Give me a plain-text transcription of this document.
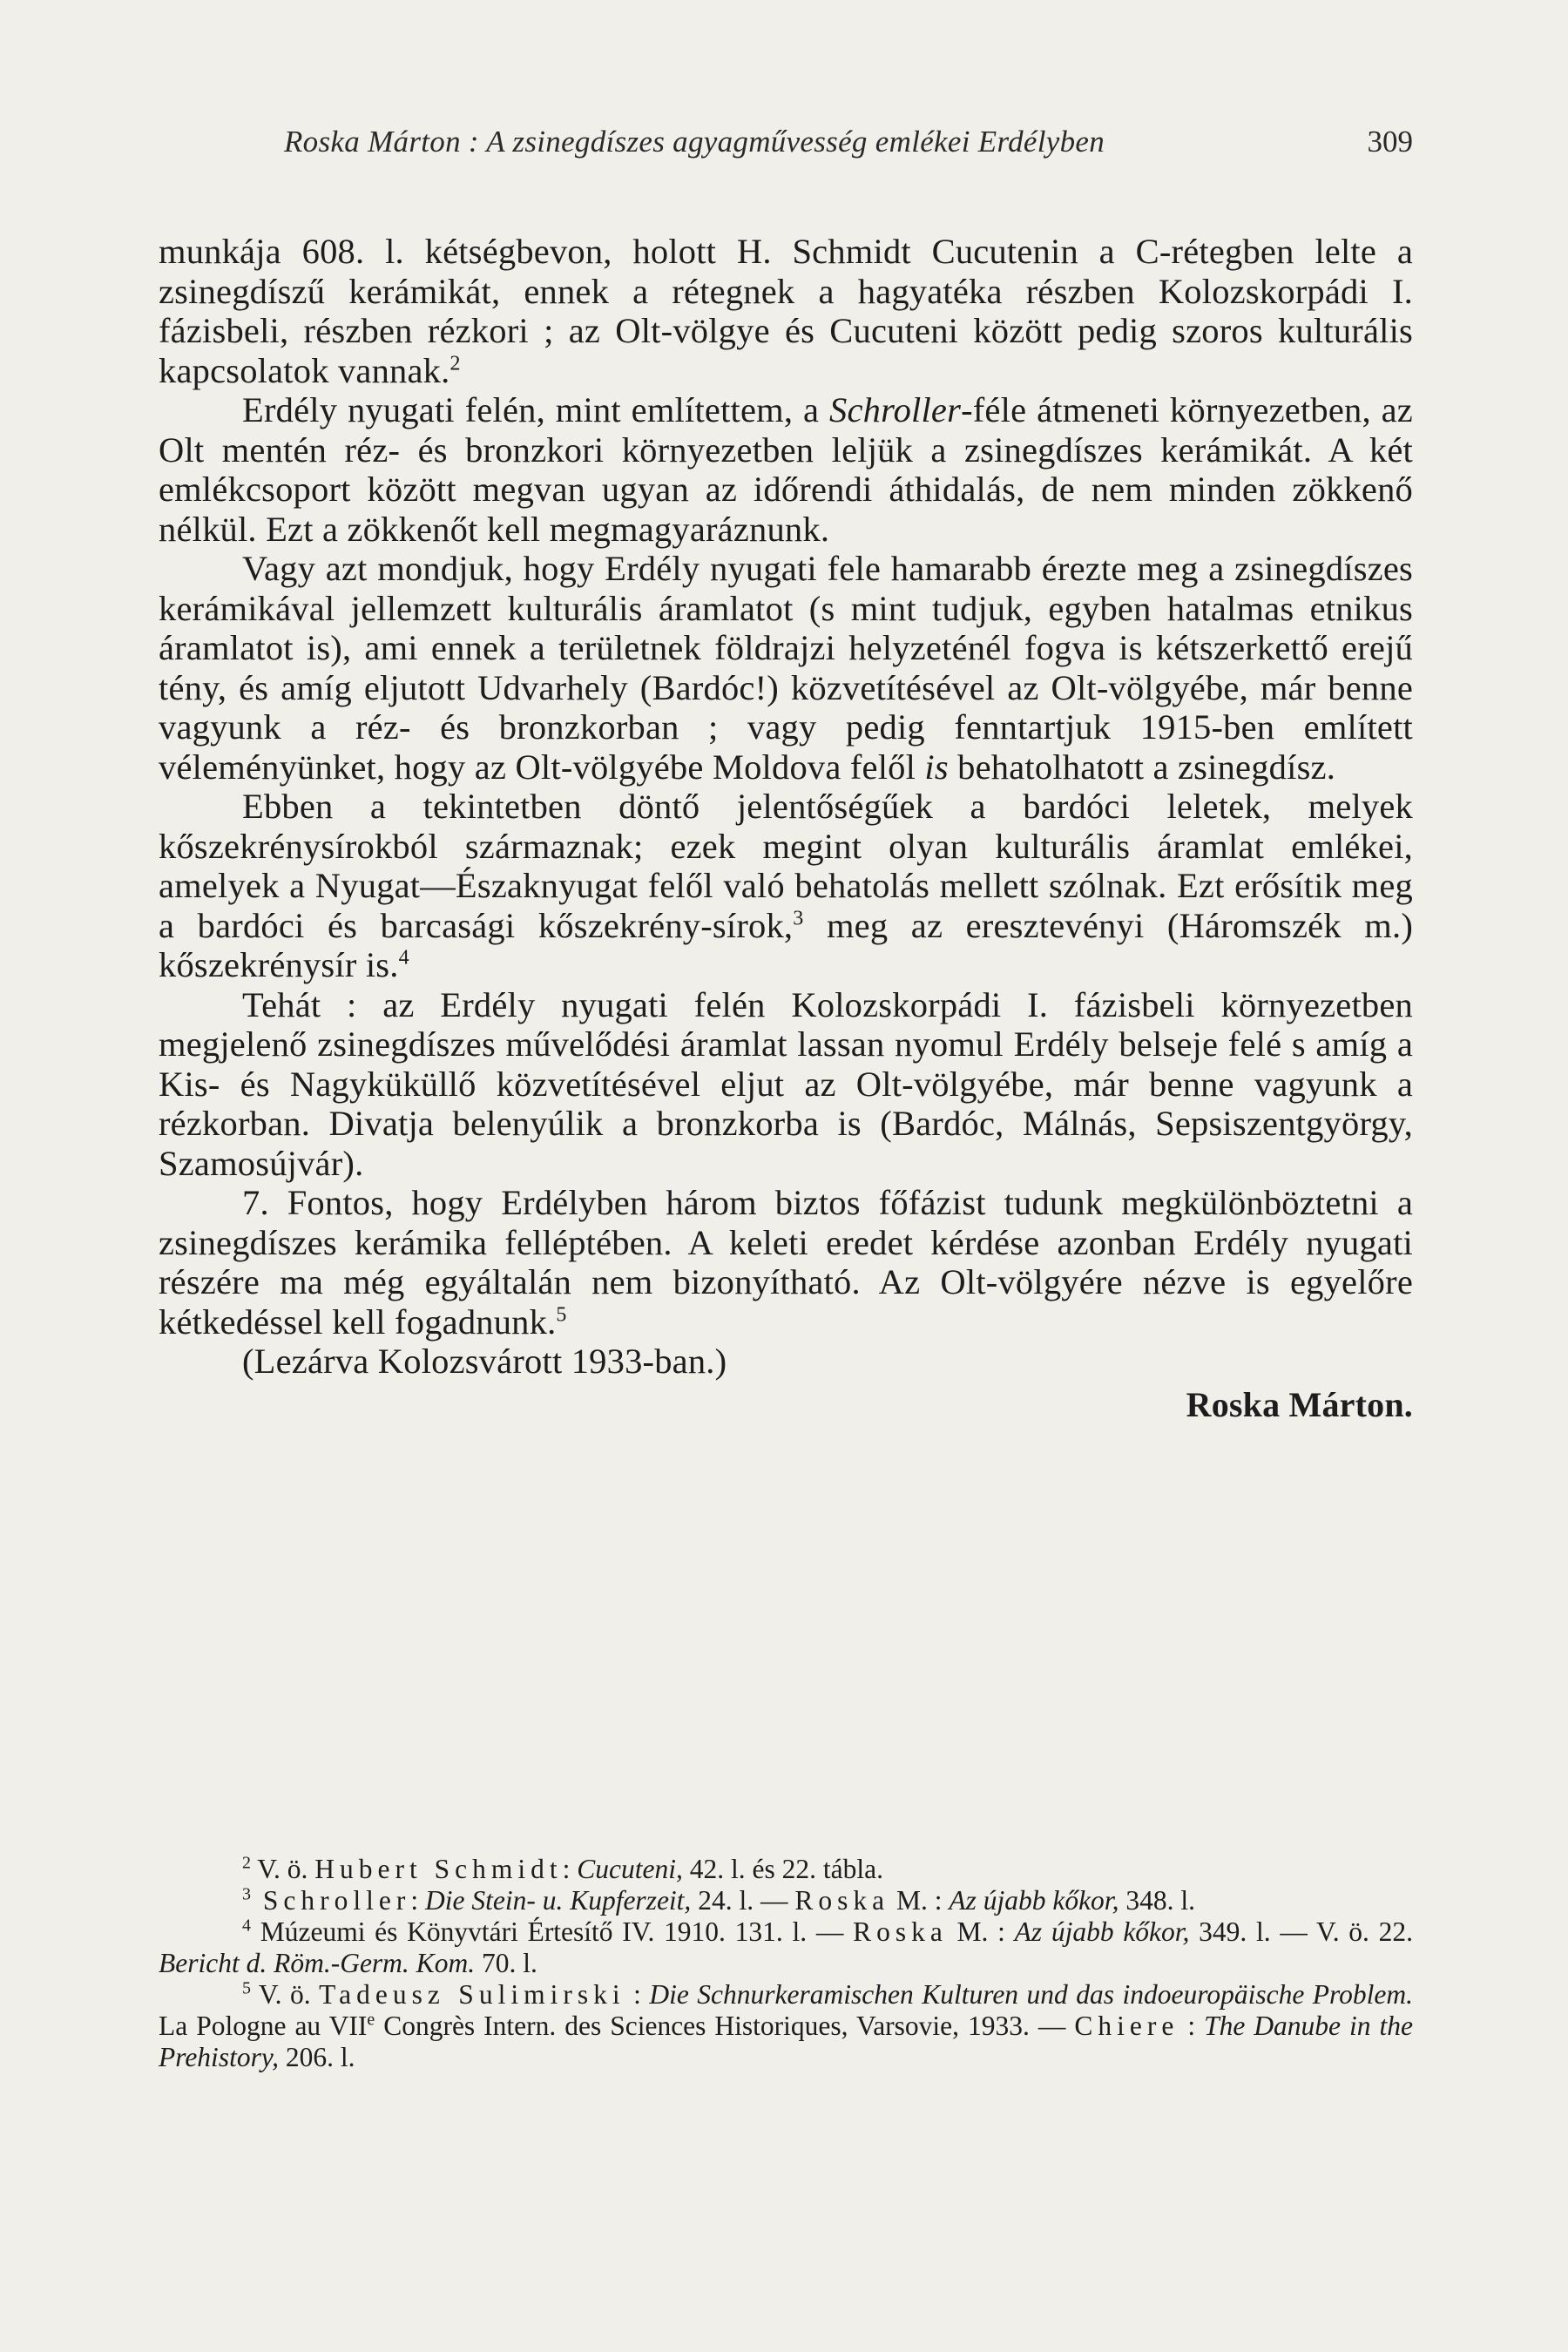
Roska Márton : A zsinegdíszes agyagművesség emlékei Erdélyben	309

munkája 608. l. kétségbevon, holott H. Schmidt Cucutenin a C-rétegben lelte a zsinegdíszű kerámikát, ennek a rétegnek a hagyatéka részben Kolozskorpádi I. fázisbeli, részben rézkori ; az Olt-völgye és Cucuteni között pedig szoros kulturális kapcsolatok vannak.$^2$

Erdély nyugati felén, mint említettem, a Schroller-féle átmeneti környezetben, az Olt mentén réz- és bronzkori környezetben leljük a zsinegdíszes kerámikát. A két emlékcsoport között megvan ugyan az időrendi áthidalás, de nem minden zökkenő nélkül. Ezt a zökkenőt kell megmagyaráznunk.

Vagy azt mondjuk, hogy Erdély nyugati fele hamarabb érezte meg a zsinegdíszes kerámikával jellemzett kulturális áramlatot (s mint tudjuk, egyben hatalmas etnikus áramlatot is), ami ennek a területnek földrajzi helyzeténél fogva is kétszerkettő erejű tény, és amíg eljutott Udvarhely (Bardóc!) közvetítésével az Olt-völgyébe, már benne vagyunk a réz- és bronzkorban ; vagy pedig fenntartjuk 1915-ben említett véleményünket, hogy az Olt-völgyébe Moldova felől is behatolhatott a zsinegdísz.

Ebben a tekintetben döntő jelentőségűek a bardóci leletek, melyek kőszekrénysírokból származnak; ezek megint olyan kulturális áramlat emlékei, amelyek a Nyugat—Északnyugat felől való behatolás mellett szólnak. Ezt erősítik meg a bardóci és barcasági kőszekrény-sírok,$^3$ meg az eresztevényi (Háromszék m.) kőszekrénysír is.$^4$

Tehát : az Erdély nyugati felén Kolozskorpádi I. fázisbeli környezetben megjelenő zsinegdíszes művelődési áramlat lassan nyomul Erdély belseje felé s amíg a Kis- és Nagyküküllő közvetítésével eljut az Olt-völgyébe, már benne vagyunk a rézkorban. Divatja belenyúlik a bronzkorba is (Bardóc, Málnás, Sepsiszentgyörgy, Szamosújvár).

7. Fontos, hogy Erdélyben három biztos főfázist tudunk megkülönböztetni a zsinegdíszes kerámika felléptében. A keleti eredet kérdése azonban Erdély nyugati részére ma még egyáltalán nem bizonyítható. Az Olt-völgyére nézve is egyelőre kétkedéssel kell fogadnunk.$^5$

(Lezárva Kolozsvárott 1933-ban.)

Roska Márton.

$^2$ V. ö. Hubert Schmidt: Cucuteni, 42. l. és 22. tábla.

$^3$ Schroller: Die Stein- u. Kupferzeit, 24. l. — Roska M. : Az újabb kőkor, 348. l.

$^4$ Múzeumi és Könyvtári Értesítő IV. 1910. 131. l. — Roska M. : Az újabb kőkor, 349. l. — V. ö. 22. Bericht d. Röm.-Germ. Kom. 70. l.

$^5$ V. ö. Tadeusz Sulimirski : Die Schnurkeramischen Kulturen und das indoeuropäische Problem. La Pologne au VIIe Congrès Intern. des Sciences Historiques, Varsovie, 1933. — Chiere : The Danube in the Prehistory, 206. l.
